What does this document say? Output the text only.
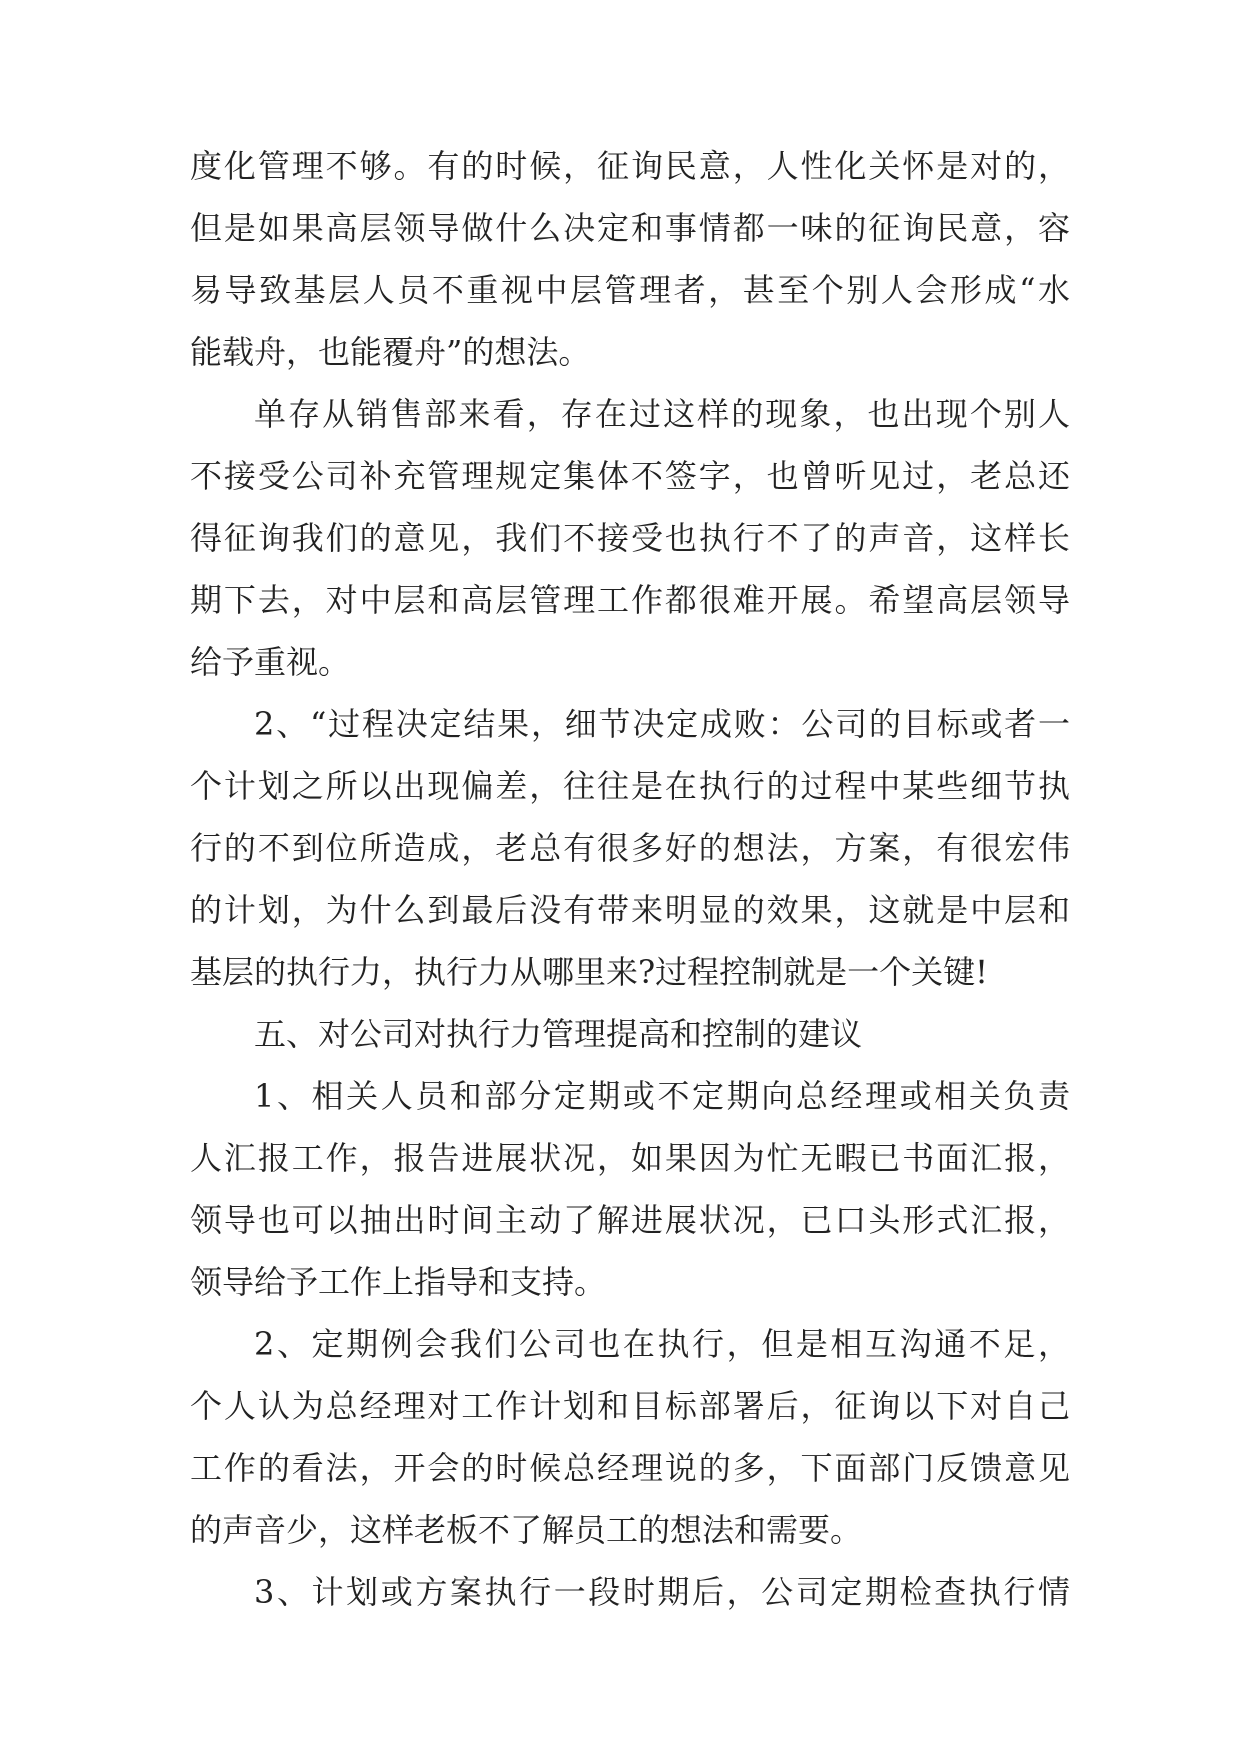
度化管理不够。有的时候，征询民意，人性化关怀是对的，
但是如果高层领导做什么决定和事情都一味的征询民意，容
易导致基层人员不重视中层管理者，甚至个别人会形成“水
能载舟，也能覆舟”的想法。
单存从销售部来看，存在过这样的现象，也出现个别人
不接受公司补充管理规定集体不签字，也曾听见过，老总还
得征询我们的意见，我们不接受也执行不了的声音，这样长
期下去，对中层和高层管理工作都很难开展。希望高层领导
给予重视。
2、“过程决定结果，细节决定成败：公司的目标或者一
个计划之所以出现偏差，往往是在执行的过程中某些细节执
行的不到位所造成，老总有很多好的想法，方案，有很宏伟
的计划，为什么到最后没有带来明显的效果，这就是中层和
基层的执行力，执行力从哪里来?过程控制就是一个关键!
五、对公司对执行力管理提高和控制的建议
1、相关人员和部分定期或不定期向总经理或相关负责
人汇报工作，报告进展状况，如果因为忙无暇已书面汇报，
领导也可以抽出时间主动了解进展状况，已口头形式汇报，
领导给予工作上指导和支持。
2、定期例会我们公司也在执行，但是相互沟通不足，
个人认为总经理对工作计划和目标部署后，征询以下对自己
工作的看法，开会的时候总经理说的多，下面部门反馈意见
的声音少，这样老板不了解员工的想法和需要。
3、计划或方案执行一段时期后，公司定期检查执行情
